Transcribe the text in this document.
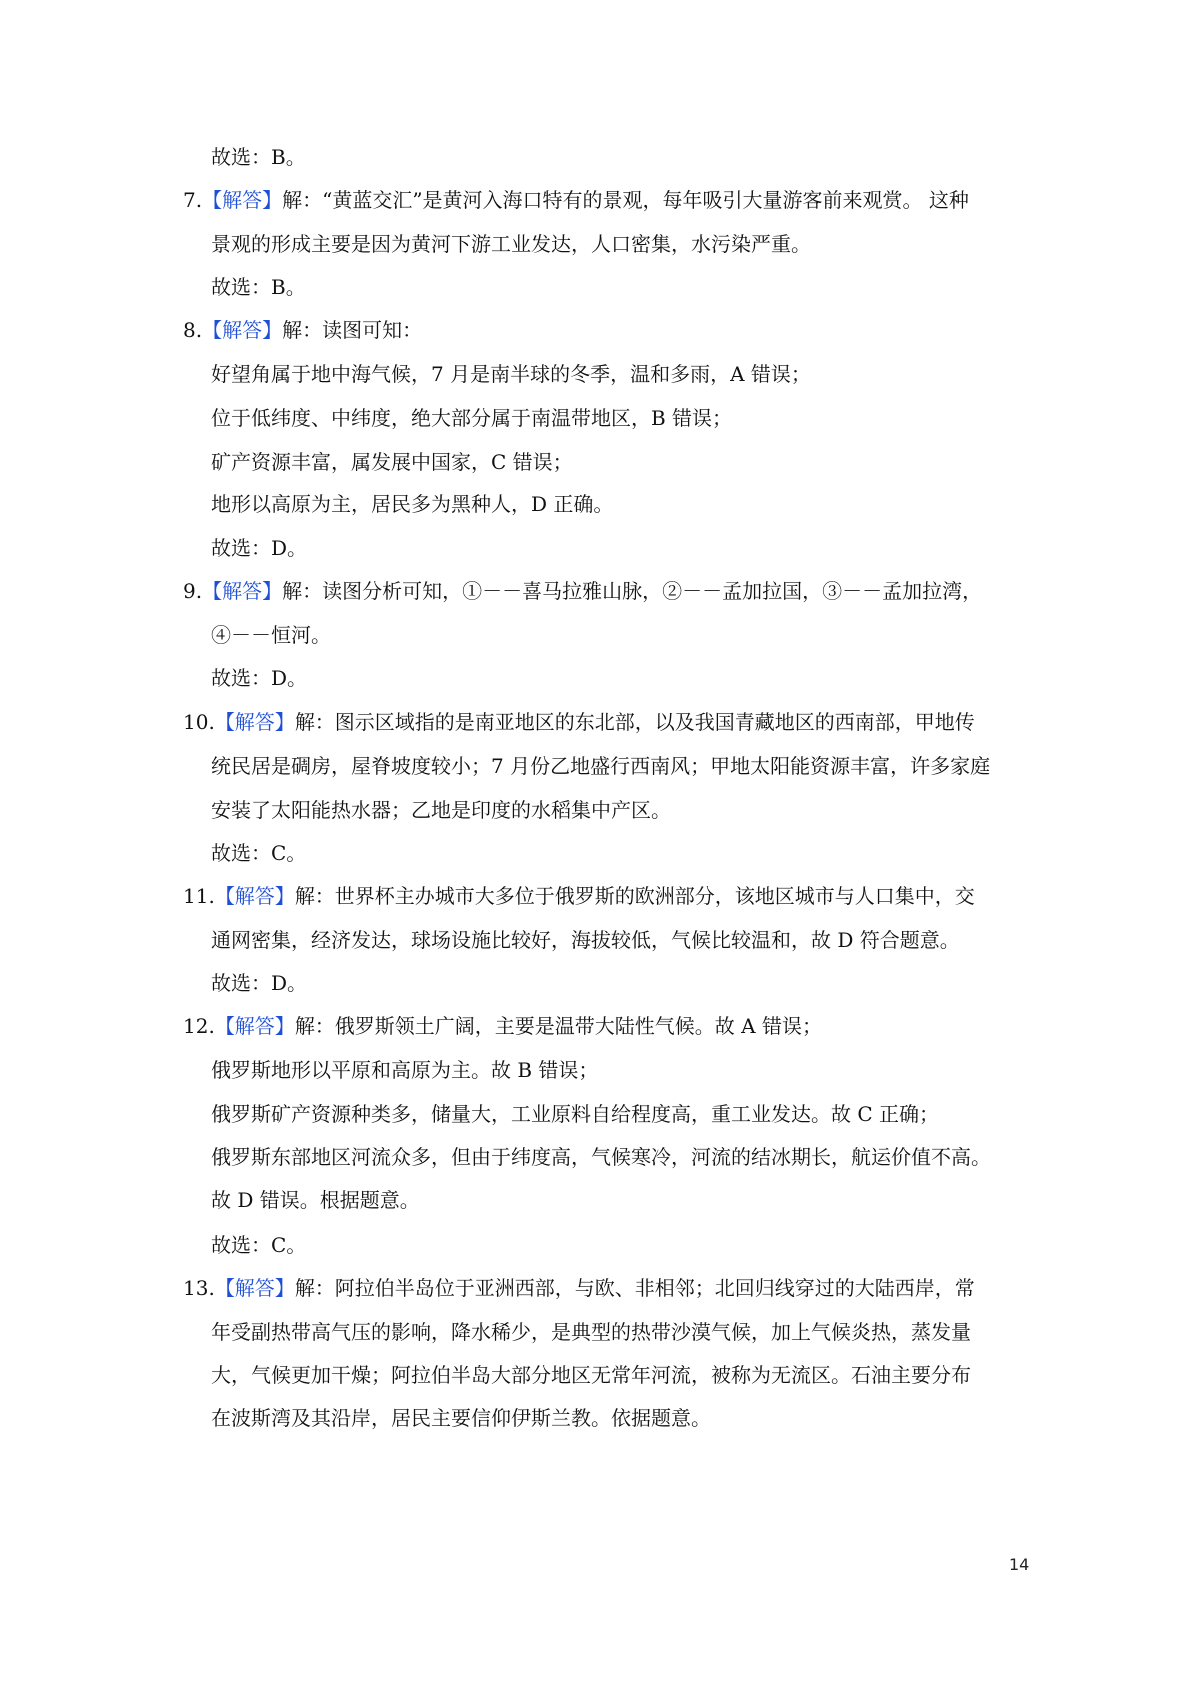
14
故选：B。
7.【解答】解：“黄蓝交汇”是黄河入海口特有的景观，每年吸引大量游客前来观赏。 这种
景观的形成主要是因为黄河下游工业发达，人口密集，水污染严重。
故选：B。
8.【解答】解：读图可知：
好望角属于地中海气候，7 月是南半球的冬季，温和多雨，A 错误；
位于低纬度、中纬度，绝大部分属于南温带地区，B 错误；
矿产资源丰富，属发展中国家，C 错误；
地形以高原为主，居民多为黑种人，D 正确。
故选：D。
9.【解答】解：读图分析可知，①－－喜马拉雅山脉，②－－孟加拉国，③－－孟加拉湾，
④－－恒河。
故选：D。
10.【解答】解：图示区域指的是南亚地区的东北部，以及我国青藏地区的西南部，甲地传
统民居是碉房，屋脊坡度较小；7 月份乙地盛行西南风；甲地太阳能资源丰富，许多家庭
安装了太阳能热水器；乙地是印度的水稻集中产区。
故选：C。
11.【解答】解：世界杯主办城市大多位于俄罗斯的欧洲部分，该地区城市与人口集中，交
通网密集，经济发达，球场设施比较好，海拔较低，气候比较温和，故 D 符合题意。
故选：D。
12.【解答】解：俄罗斯领土广阔，主要是温带大陆性气候。故 A 错误；
俄罗斯地形以平原和高原为主。故 B 错误；
俄罗斯矿产资源种类多，储量大，工业原料自给程度高，重工业发达。故 C 正确；
俄罗斯东部地区河流众多，但由于纬度高，气候寒冷，河流的结冰期长，航运价值不高。
故 D 错误。根据题意。
故选：C。
13.【解答】解：阿拉伯半岛位于亚洲西部，与欧、非相邻；北回归线穿过的大陆西岸，常
年受副热带高气压的影响，降水稀少，是典型的热带沙漠气候，加上气候炎热，蒸发量
大，气候更加干燥；阿拉伯半岛大部分地区无常年河流，被称为无流区。石油主要分布
在波斯湾及其沿岸，居民主要信仰伊斯兰教。依据题意。
